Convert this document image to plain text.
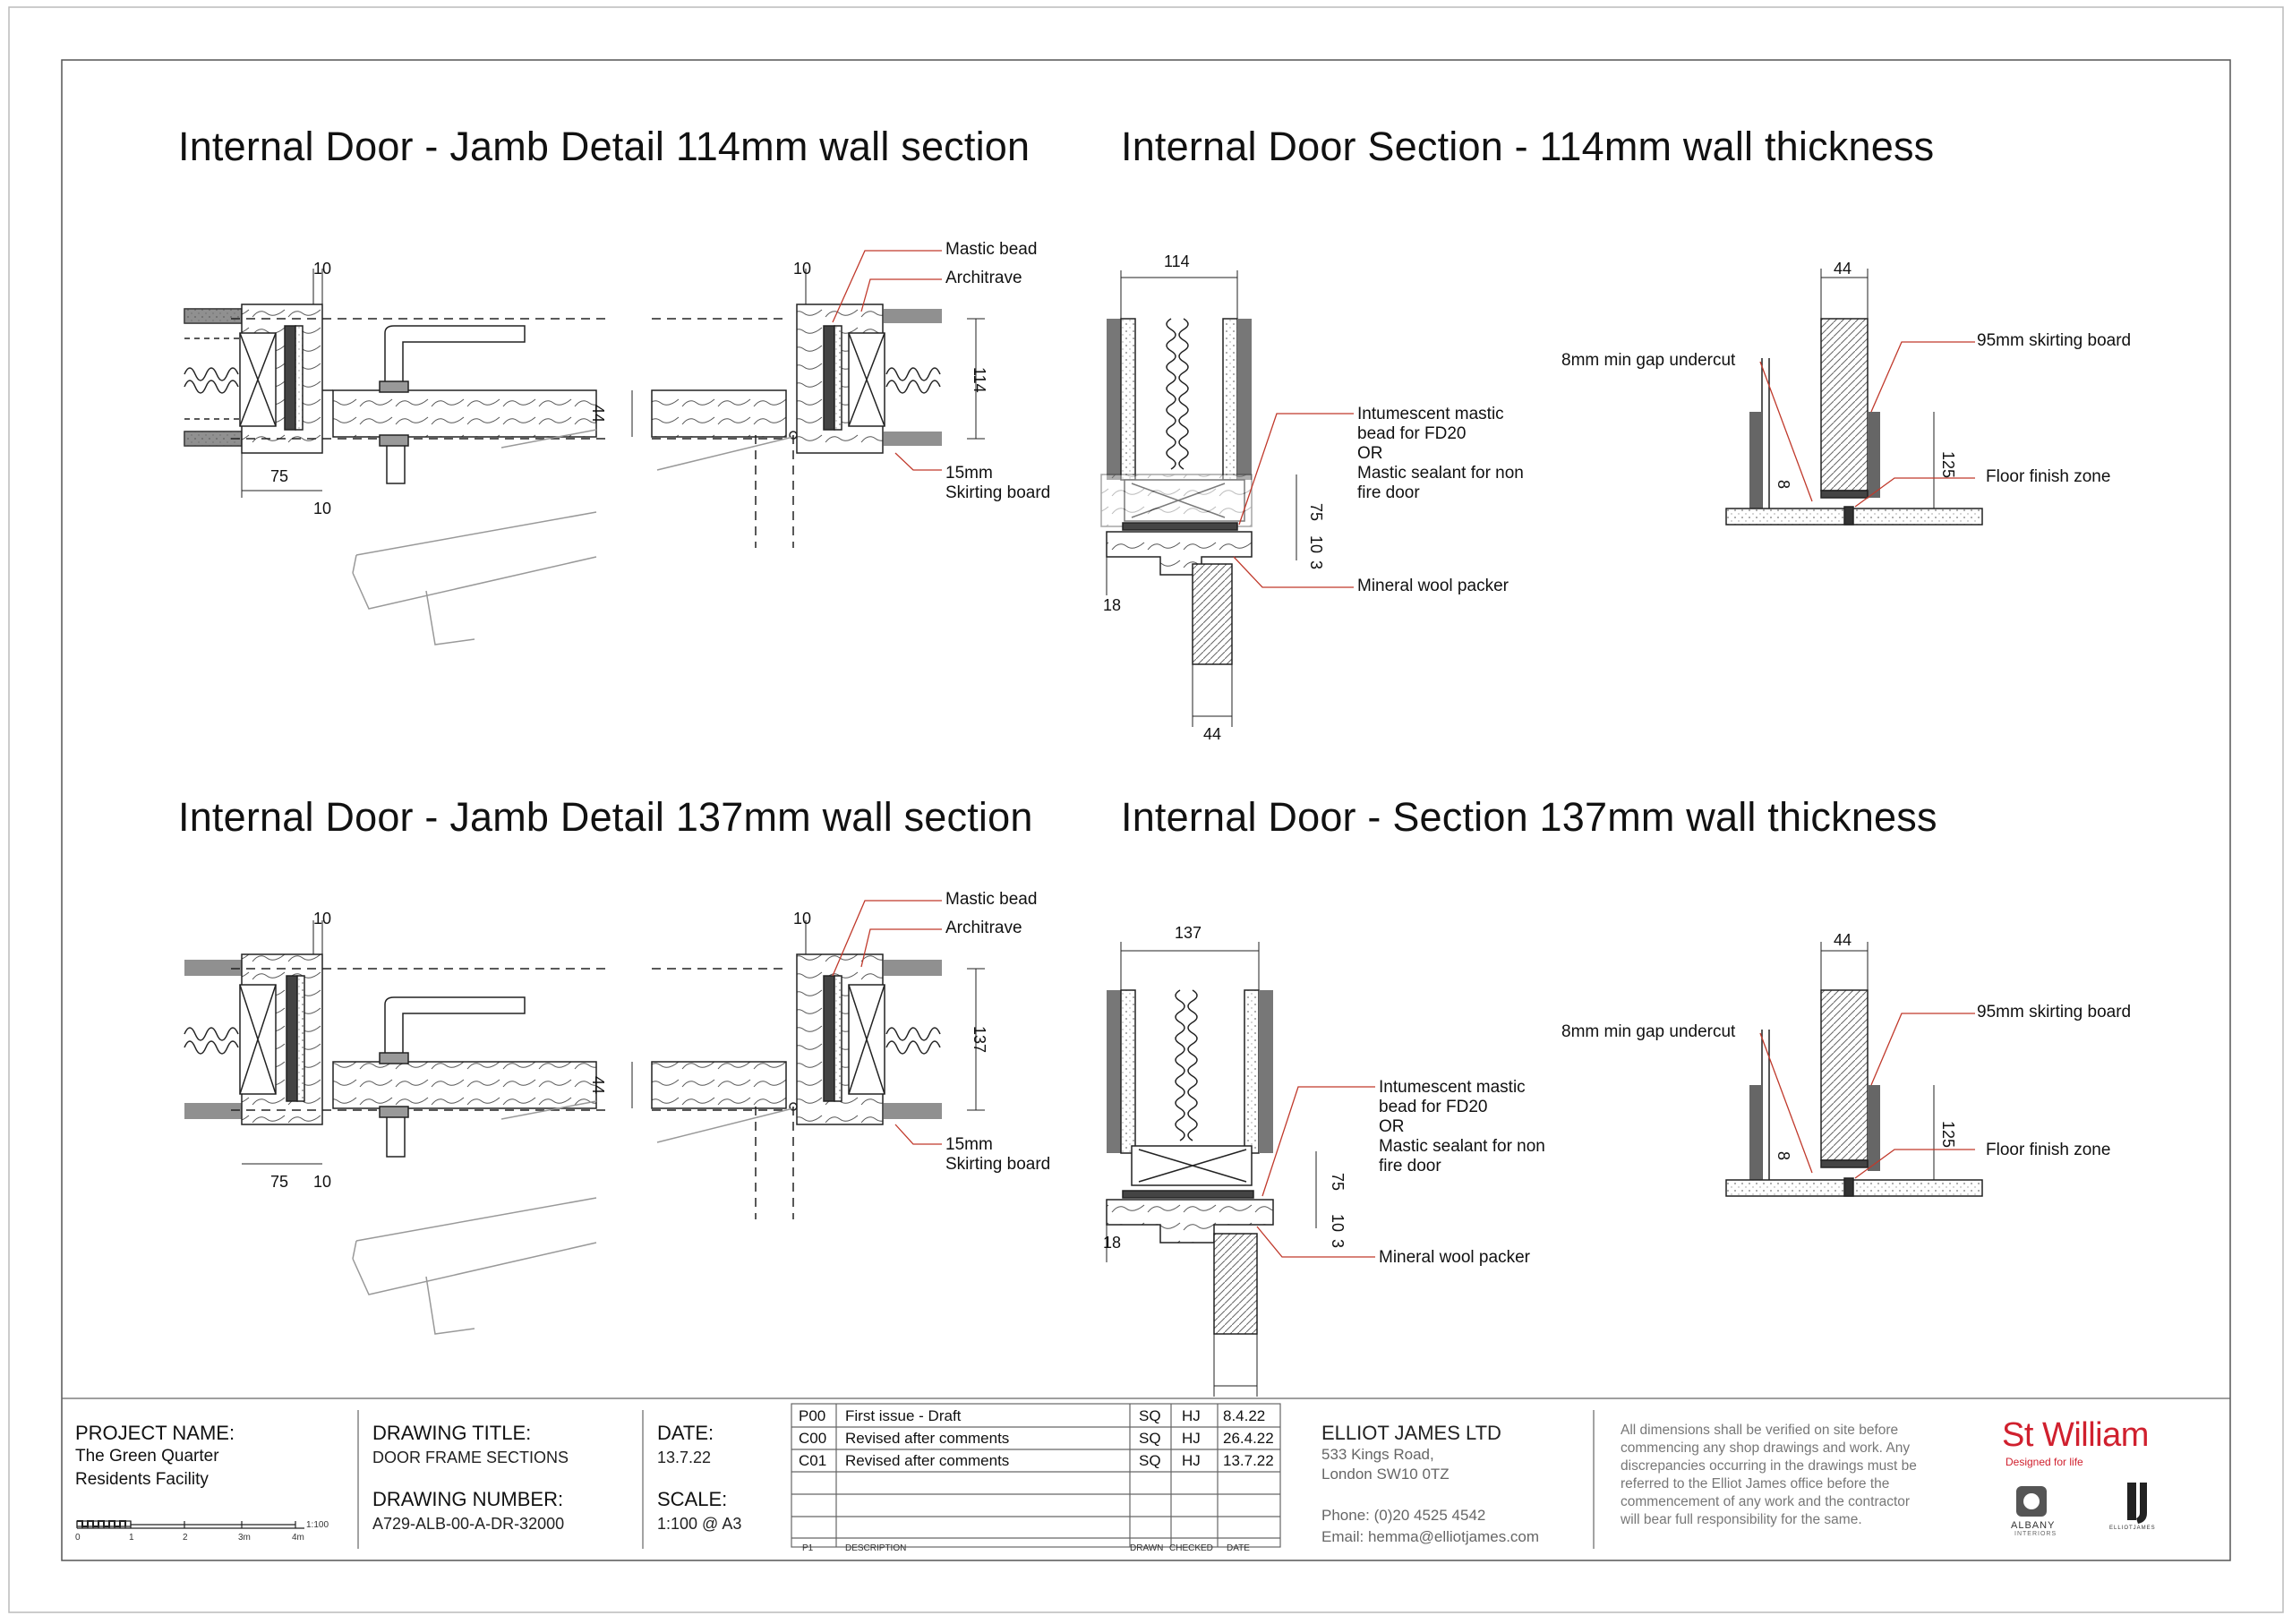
Internal Door - Jamb Detail 114mm wall section Internal Door Section - 114mm wall thickness
Internal Door - Jamb Detail 137mm wall section Internal Door - Section 137mm wall thickness
10	10
75
10
114
44
Mastic bead
Architrave
15mm
Skirting board
10	10
75 10
137
44
Mastic bead
Architrave
15mm
Skirting board
114
18
44
75
10
3
Intumescent mastic
bead for FD20
OR
Mastic sealant for non
fire door
Mineral wool packer
44
8mm min gap undercut
95mm skirting board
Floor finish zone
125
8
137
18
75
10
3
Intumescent mastic
bead for FD20
OR
Mastic sealant for non
fire door
Mineral wool packer
44
8mm min gap undercut
95mm skirting board
Floor finish zone
125
8
PROJECT NAME:
The Green Quarter
Residents Facility
0	1	2	3m	4m
1:100
DRAWING TITLE:
DOOR FRAME SECTIONS
DRAWING NUMBER:
A729-ALB-00-A-DR-32000
DATE:
13.7.22
SCALE:
1:100 @ A3
P00 First issue - Draft	SQ HJ 8.4.22
C00 Revised after comments	SQ HJ 26.4.22
C01 Revised after comments	SQ HJ 13.7.22
P1	DESCRIPTION	DRAWN CHECKED DATE
ELLIOT JAMES LTD
533 Kings Road,
London SW10 0TZ
Phone: (0)20 4525 4542
Email: hemma@elliotjames.com
All dimensions shall be verified on site before commencing any shop drawings and work. Any discrepancies occurring in the drawings must be referred to the Elliot James office before the commencement of any work and the contractor will bear full responsibility for the same.
St William
Designed for life
ALBANY
INTERIORS
ELLIOTJAMES
